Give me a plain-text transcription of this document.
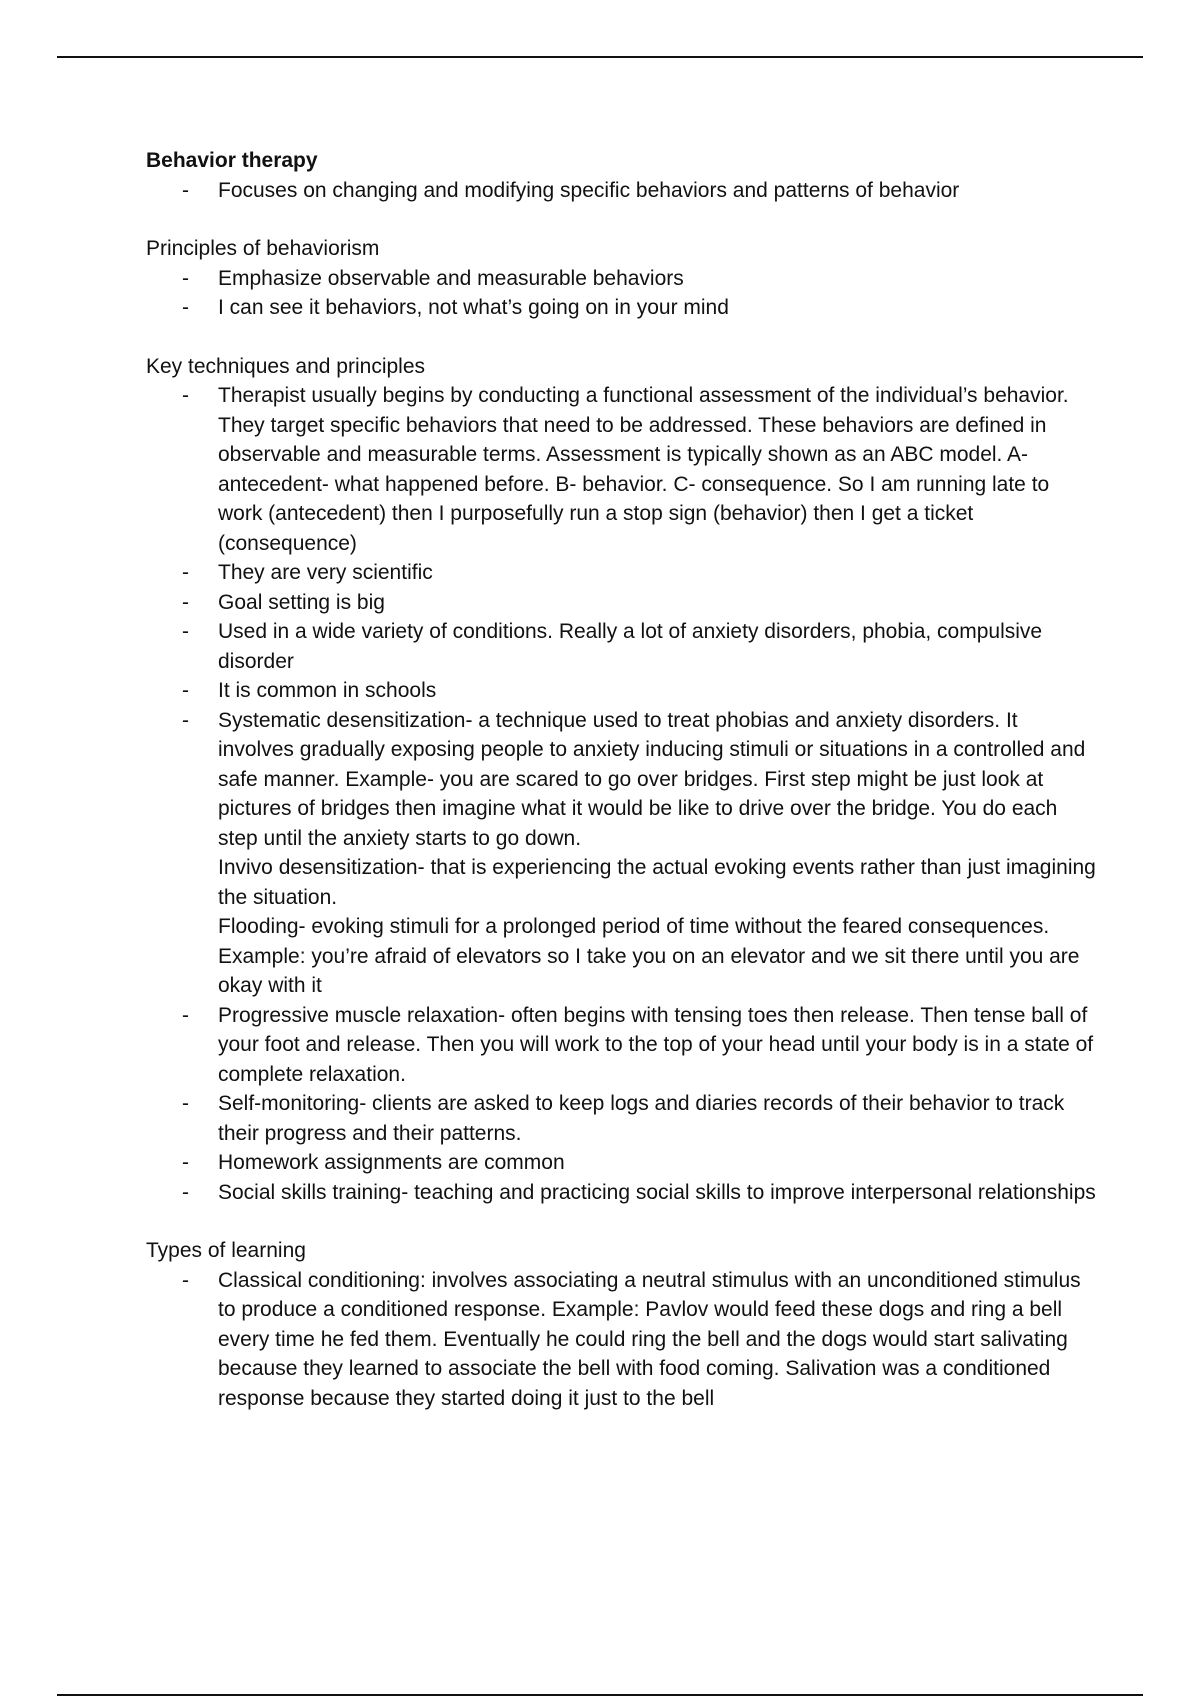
Behavior therapy

- Focuses on changing and modifying specific behaviors and patterns of behavior

Principles of behaviorism

- Emphasize observable and measurable behaviors

- I can see it behaviors, not what’s going on in your mind

Key techniques and principles

- Therapist usually begins by conducting a functional assessment of the individual’s behavior. They target specific behaviors that need to be addressed. These behaviors are defined in observable and measurable terms. Assessment is typically shown as an ABC model. A- antecedent- what happened before. B- behavior. C- consequence. So I am running late to work (antecedent) then I purposefully run a stop sign (behavior) then I get a ticket (consequence)

- They are very scientific

- Goal setting is big

- Used in a wide variety of conditions. Really a lot of anxiety disorders, phobia, compulsive disorder

- It is common in schools

- Systematic desensitization- a technique used to treat phobias and anxiety disorders. It involves gradually exposing people to anxiety inducing stimuli or situations in a controlled and safe manner. Example- you are scared to go over bridges. First step might be just look at pictures of bridges then imagine what it would be like to drive over the bridge. You do each step until the anxiety starts to go down.

Invivo desensitization- that is experiencing the actual evoking events rather than just imagining the situation.

Flooding- evoking stimuli for a prolonged period of time without the feared consequences. Example: you’re afraid of elevators so I take you on an elevator and we sit there until you are okay with it

- Progressive muscle relaxation- often begins with tensing toes then release. Then tense ball of your foot and release. Then you will work to the top of your head until your body is in a state of complete relaxation.

- Self-monitoring- clients are asked to keep logs and diaries records of their behavior to track their progress and their patterns.

- Homework assignments are common

- Social skills training- teaching and practicing social skills to improve interpersonal relationships

Types of learning

- Classical conditioning: involves associating a neutral stimulus with an unconditioned stimulus to produce a conditioned response. Example: Pavlov would feed these dogs and ring a bell every time he fed them. Eventually he could ring the bell and the dogs would start salivating because they learned to associate the bell with food coming. Salivation was a conditioned response because they started doing it just to the bell
